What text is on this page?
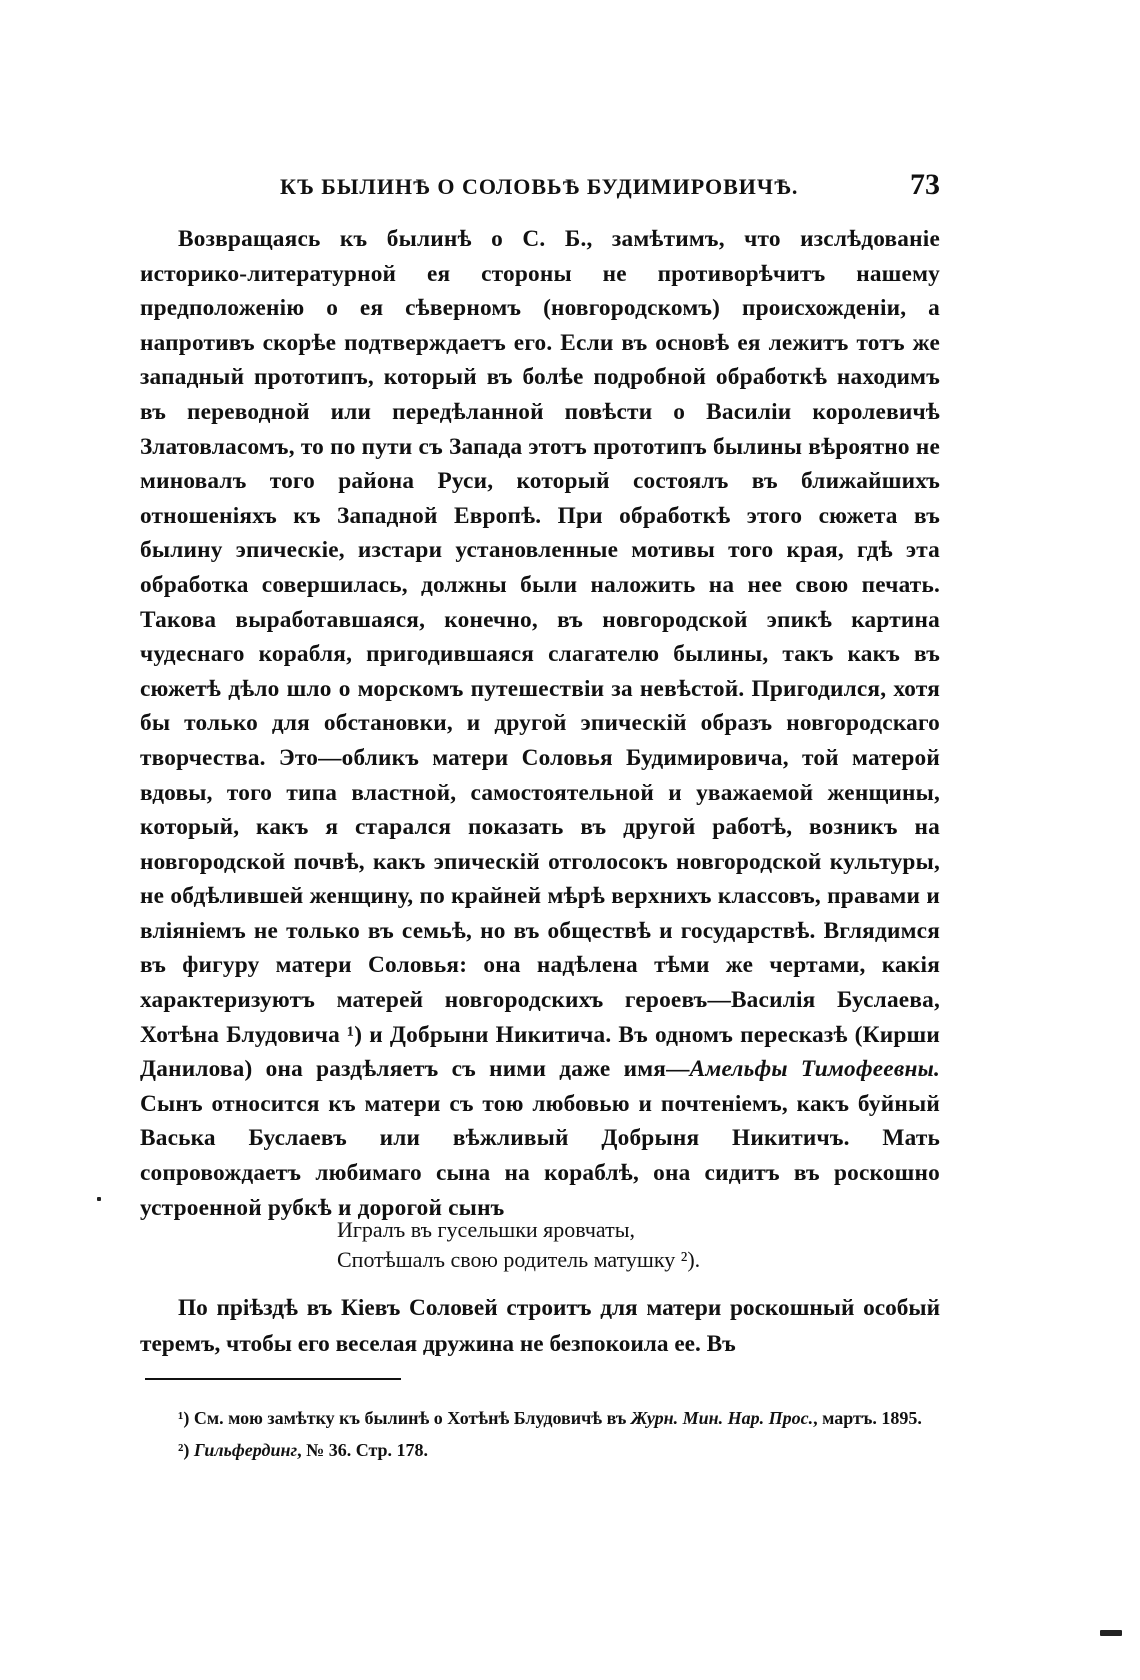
КЪ БЫЛИНѢ О СОЛОВЬѢ БУДИМИРОВИЧѢ.	73

Возвращаясь къ былинѣ о С. Б., замѣтимъ, что изслѣдованіе историко-литературной ея стороны не противорѣчитъ нашему предположенію о ея сѣверномъ (новгородскомъ) происхожденіи, а напротивъ скорѣе подтверждаетъ его. Если въ основѣ ея лежитъ тотъ же западный прототипъ, который въ болѣе подробной обработкѣ находимъ въ переводной или передѣланной повѣсти о Василіи королевичѣ Златовласомъ, то по пути съ Запада этотъ прототипъ былины вѣроятно не миновалъ того района Руси, который состоялъ въ ближайшихъ отношеніяхъ къ Западной Европѣ. При обработкѣ этого сюжета въ былину эпическіе, изстари установленные мотивы того края, гдѣ эта обработка совершилась, должны были наложить на нее свою печать. Такова выработавшаяся, конечно, въ новгородской эпикѣ картина чудеснаго корабля, пригодившаяся слагателю былины, такъ какъ въ сюжетѣ дѣло шло о морскомъ путешествіи за невѣстой. Пригодился, хотя бы только для обстановки, и другой эпическій образъ новгородскаго творчества. Это—обликъ матери Соловья Будимировича, той матерой вдовы, того типа властной, самостоятельной и уважаемой женщины, который, какъ я старался показать въ другой работѣ, возникъ на новгородской почвѣ, какъ эпическій отголосокъ новгородской культуры, не обдѣлившей женщину, по крайней мѣрѣ верхнихъ классовъ, правами и вліяніемъ не только въ семьѣ, но въ обществѣ и государствѣ. Вглядимся въ фигуру матери Соловья: она надѣлена тѣми же чертами, какія характеризуютъ матерей новгородскихъ героевъ—Василія Буслаева, Хотѣна Блудовича ¹) и Добрыни Никитича. Въ одномъ пересказѣ (Кирши Данилова) она раздѣляетъ съ ними даже имя—Амельфы Тимофеевны. Сынъ относится къ матери съ тою любовью и почтеніемъ, какъ буйный Васька Буслаевъ или вѣжливый Добрыня Никитичъ. Мать сопровождаетъ любимаго сына на кораблѣ, она сидитъ въ роскошно устроенной рубкѣ и дорогой сынъ

Игралъ въ гусельшки яровчаты,
Спотѣшалъ свою родитель матушку ²).

По пріѣздѣ въ Кіевъ Соловей строитъ для матери роскошный особый теремъ, чтобы его веселая дружина не безпокоила ее. Въ

¹) См. мою замѣтку къ былинѣ о Хотѣнѣ Блудовичѣ въ Журн. Мин. Нар. Прос., мартъ. 1895.

²) Гильфердинг, № 36. Стр. 178.
